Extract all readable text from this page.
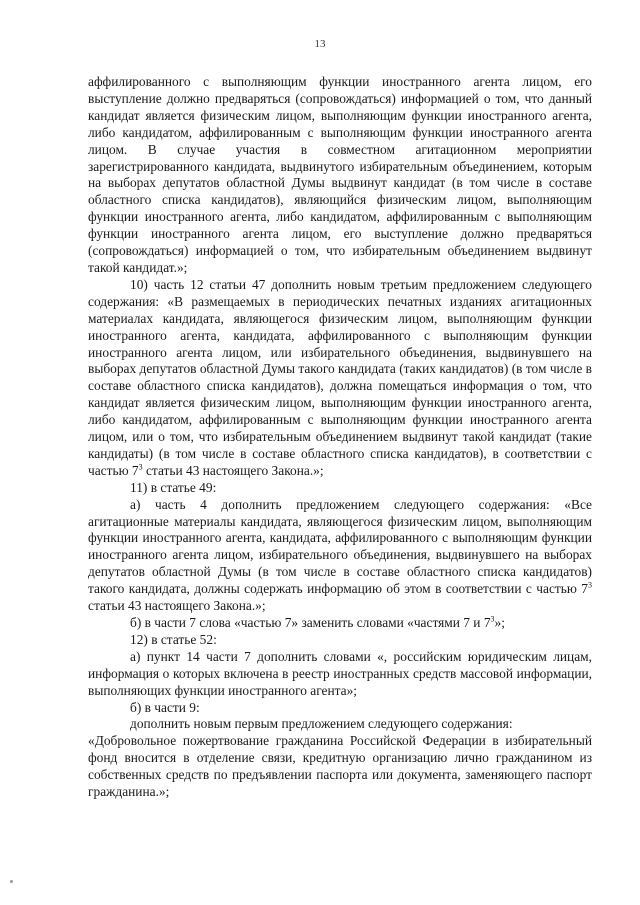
13

аффилированного с выполняющим функции иностранного агента лицом, его выступление должно предваряться (сопровождаться) информацией о том, что данный кандидат является физическим лицом, выполняющим функции иностранного агента, либо кандидатом, аффилированным с выполняющим функции иностранного агента лицом. В случае участия в совместном агитационном мероприятии зарегистрированного кандидата, выдвинутого избирательным объединением, которым на выборах депутатов областной Думы выдвинут кандидат (в том числе в составе областного списка кандидатов), являющийся физическим лицом, выполняющим функции иностранного агента, либо кандидатом, аффилированным с выполняющим функции иностранного агента лицом, его выступление должно предваряться (сопровождаться) информацией о том, что избирательным объединением выдвинут такой кандидат.»;

10) часть 12 статьи 47 дополнить новым третьим предложением следующего содержания: «В размещаемых в периодических печатных изданиях агитационных материалах кандидата, являющегося физическим лицом, выполняющим функции иностранного агента, кандидата, аффилированного с выполняющим функции иностранного агента лицом, или избирательного объединения, выдвинувшего на выборах депутатов областной Думы такого кандидата (таких кандидатов) (в том числе в составе областного списка кандидатов), должна помещаться информация о том, что кандидат является физическим лицом, выполняющим функции иностранного агента, либо кандидатом, аффилированным с выполняющим функции иностранного агента лицом, или о том, что избирательным объединением выдвинут такой кандидат (такие кандидаты) (в том числе в составе областного списка кандидатов), в соответствии с частью $7^3$ статьи 43 настоящего Закона.»;

11) в статье 49:

а) часть 4 дополнить предложением следующего содержания: «Все агитационные материалы кандидата, являющегося физическим лицом, выполняющим функции иностранного агента, кандидата, аффилированного с выполняющим функции иностранного агента лицом, избирательного объединения, выдвинувшего на выборах депутатов областной Думы (в том числе в составе областного списка кандидатов) такого кандидата, должны содержать информацию об этом в соответствии с частью $7^3$ статьи 43 настоящего Закона.»;

б) в части 7 слова «частью 7» заменить словами «частями 7 и $7^3$»;

12) в статье 52:

а) пункт 14 части 7 дополнить словами «, российским юридическим лицам, информация о которых включена в реестр иностранных средств массовой информации, выполняющих функции иностранного агента»;

б) в части 9:

дополнить новым первым предложением следующего содержания:

«Добровольное пожертвование гражданина Российской Федерации в избирательный фонд вносится в отделение связи, кредитную организацию лично гражданином из собственных средств по предъявлении паспорта или документа, заменяющего паспорт гражданина.»;
